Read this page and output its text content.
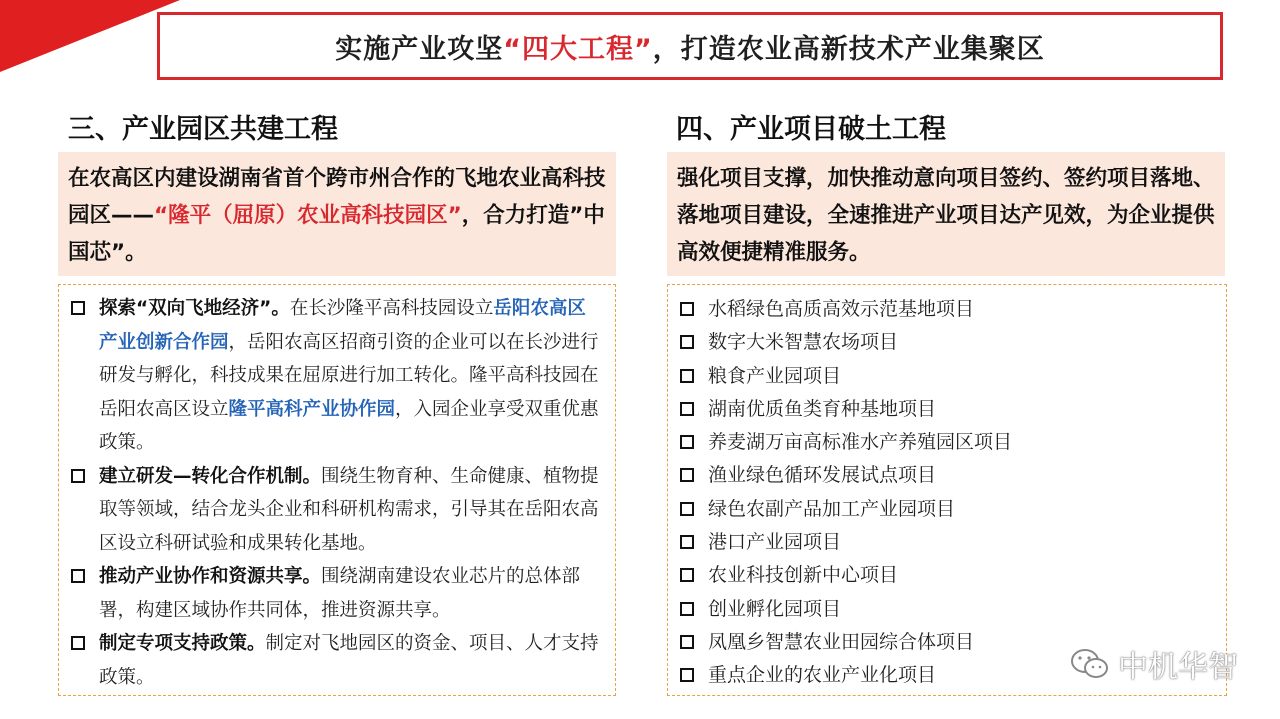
实施产业攻坚 “四大工程” ，打造农业高新技术产业集聚区
三、产业园区共建工程
在农高区内建设湖南省首个跨市州合作的飞地农业高科技园区——“隆平（屈原）农业高科技园区”，合力打造”中国芯”。
探索“双向飞地经济”。在长沙隆平高科技园设立岳阳农高区产业创新合作园，岳阳农高区招商引资的企业可以在长沙进行研发与孵化，科技成果在屈原进行加工转化。隆平高科技园在岳阳农高区设立隆平高科产业协作园，入园企业享受双重优惠政策。
建立研发—转化合作机制。围绕生物育种、生命健康、植物提取等领域，结合龙头企业和科研机构需求，引导其在岳阳农高区设立科研试验和成果转化基地。
推动产业协作和资源共享。围绕湖南建设农业芯片的总体部署，构建区域协作共同体，推进资源共享。
制定专项支持政策。制定对飞地园区的资金、项目、人才支持政策。
四、产业项目破土工程
强化项目支撑，加快推动意向项目签约、签约项目落地、落地项目建设，全速推进产业项目达产见效，为企业提供高效便捷精准服务。
水稻绿色高质高效示范基地项目
数字大米智慧农场项目
粮食产业园项目
湖南优质鱼类育种基地项目
养麦湖万亩高标准水产养殖园区项目
渔业绿色循环发展试点项目
绿色农副产品加工产业园项目
港口产业园项目
农业科技创新中心项目
创业孵化园项目
凤凰乡智慧农业田园综合体项目
重点企业的农业产业化项目	中机华智
